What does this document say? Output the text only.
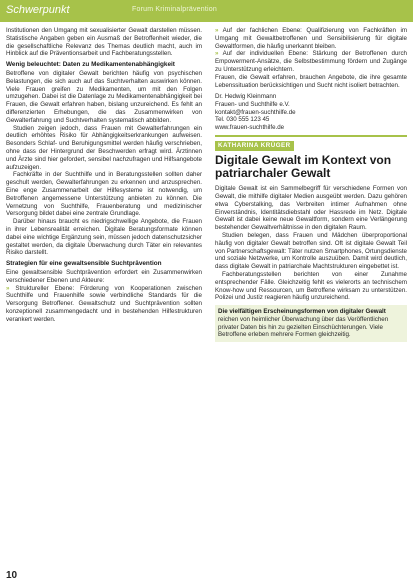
Schwerpunkt	Forum Kriminalprävention

Institutionen den Umgang mit sexualisierter Gewalt darstellen müssen. Statistische Angaben geben ein Ausmaß der Betroffenheit wieder, die die gesellschaftliche Relevanz des Themas deutlich macht, auch im Hinblick auf die Präventionsarbeit und Fachberatungsstellen.

Wenig beleuchtet: Daten zu Medikamentenabhängigkeit

Betroffene von digitaler Gewalt berichten häufig von psychischen Belastungen, die sich auch auf das Suchtverhalten auswirken können. Viele Frauen greifen zu Medikamenten, um mit den Folgen umzugehen. Dabei ist die Datenlage zu Medikamentenabhängigkeit bei Frauen, die Gewalt erfahren haben, bislang unzureichend. Es fehlt an differenzierten Erhebungen, die das Zusammenwirken von Gewalterfahrung und Suchtverhalten systematisch abbilden.

Studien zeigen jedoch, dass Frauen mit Gewalterfahrungen ein deutlich erhöhtes Risiko für Abhängigkeitserkrankungen aufweisen. Besonders Schlaf- und Beruhigungsmittel werden häufig verschrieben, ohne dass der Hintergrund der Beschwerden erfragt wird. Ärztinnen und Ärzte sind hier gefordert, sensibel nachzufragen und Hilfsangebote aufzuzeigen.

Fachkräfte in der Suchthilfe und in Beratungsstellen sollten daher geschult werden, Gewalterfahrungen zu erkennen und anzusprechen. Eine enge Zusammenarbeit der Hilfesysteme ist notwendig, um Betroffenen angemessene Unterstützung anbieten zu können. Die Vernetzung von Suchthilfe, Frauenberatung und medizinischer Versorgung bildet dabei eine zentrale Grundlage.

Darüber hinaus braucht es niedrigschwellige Angebote, die Frauen in ihrer Lebensrealität erreichen. Digitale Beratungsformate können dabei eine wichtige Ergänzung sein, müssen jedoch datenschutzsicher gestaltet werden, da digitale Überwachung durch Täter ein relevantes Risiko darstellt.

Strategien für eine gewaltsensible Suchtprävention

Eine gewaltsensible Suchtprävention erfordert ein Zusammenwirken verschiedener Ebenen und Akteure:

» Struktureller Ebene: Förderung von Kooperationen zwischen Suchthilfe und Frauenhilfe sowie verbindliche Standards für die Versorgung Betroffener. Gewaltschutz und Suchtprävention sollten konzeptionell zusammengedacht und in bestehenden Hilfestrukturen verankert werden.

» Auf der fachlichen Ebene: Qualifizierung von Fachkräften im Umgang mit Gewaltbetroffenen und Sensibilisierung für digitale Gewaltformen, die häufig unerkannt bleiben.

» Auf der individuellen Ebene: Stärkung der Betroffenen durch Empowerment-Ansätze, die Selbstbestimmung fördern und Zugänge zu Unterstützung erleichtern.

Frauen, die Gewalt erfahren, brauchen Angebote, die ihre gesamte Lebenssituation berücksichtigen und Sucht nicht isoliert betrachten.

Dr. Hedwig Kleinmann
Frauen- und Suchthilfe e.V.
kontakt@frauen-suchthilfe.de
Tel. 030 555 123 45
www.frauen-suchthilfe.de
KATHARINA KRÜGER
Digitale Gewalt im Kontext von patriarchaler Gewalt

Digitale Gewalt ist ein Sammelbegriff für verschiedene Formen von Gewalt, die mithilfe digitaler Medien ausgeübt werden. Dazu gehören etwa Cyberstalking, das Verbreiten intimer Aufnahmen ohne Einverständnis, Identitätsdiebstahl oder Hassrede im Netz. Digitale Gewalt ist dabei keine neue Gewaltform, sondern eine Verlängerung bestehender Gewaltverhältnisse in den digitalen Raum.

Studien belegen, dass Frauen und Mädchen überproportional häufig von digitaler Gewalt betroffen sind. Oft ist digitale Gewalt Teil von Partnerschaftsgewalt: Täter nutzen Smartphones, Ortungsdienste und soziale Netzwerke, um Kontrolle auszuüben. Damit wird deutlich, dass digitale Gewalt in patriarchale Machtstrukturen eingebettet ist.

Fachberatungsstellen berichten von einer Zunahme entsprechender Fälle. Gleichzeitig fehlt es vielerorts an technischem Know-how und Ressourcen, um Betroffene wirksam zu unterstützen. Polizei und Justiz reagieren häufig unzureichend.

Die vielfältigen Erscheinungsformen von digitaler Gewalt reichen von heimlicher Überwachung über das Veröffentlichen privater Daten bis hin zu gezielten Einschüchterungen. Viele Betroffene erleben mehrere Formen gleichzeitig.
10
